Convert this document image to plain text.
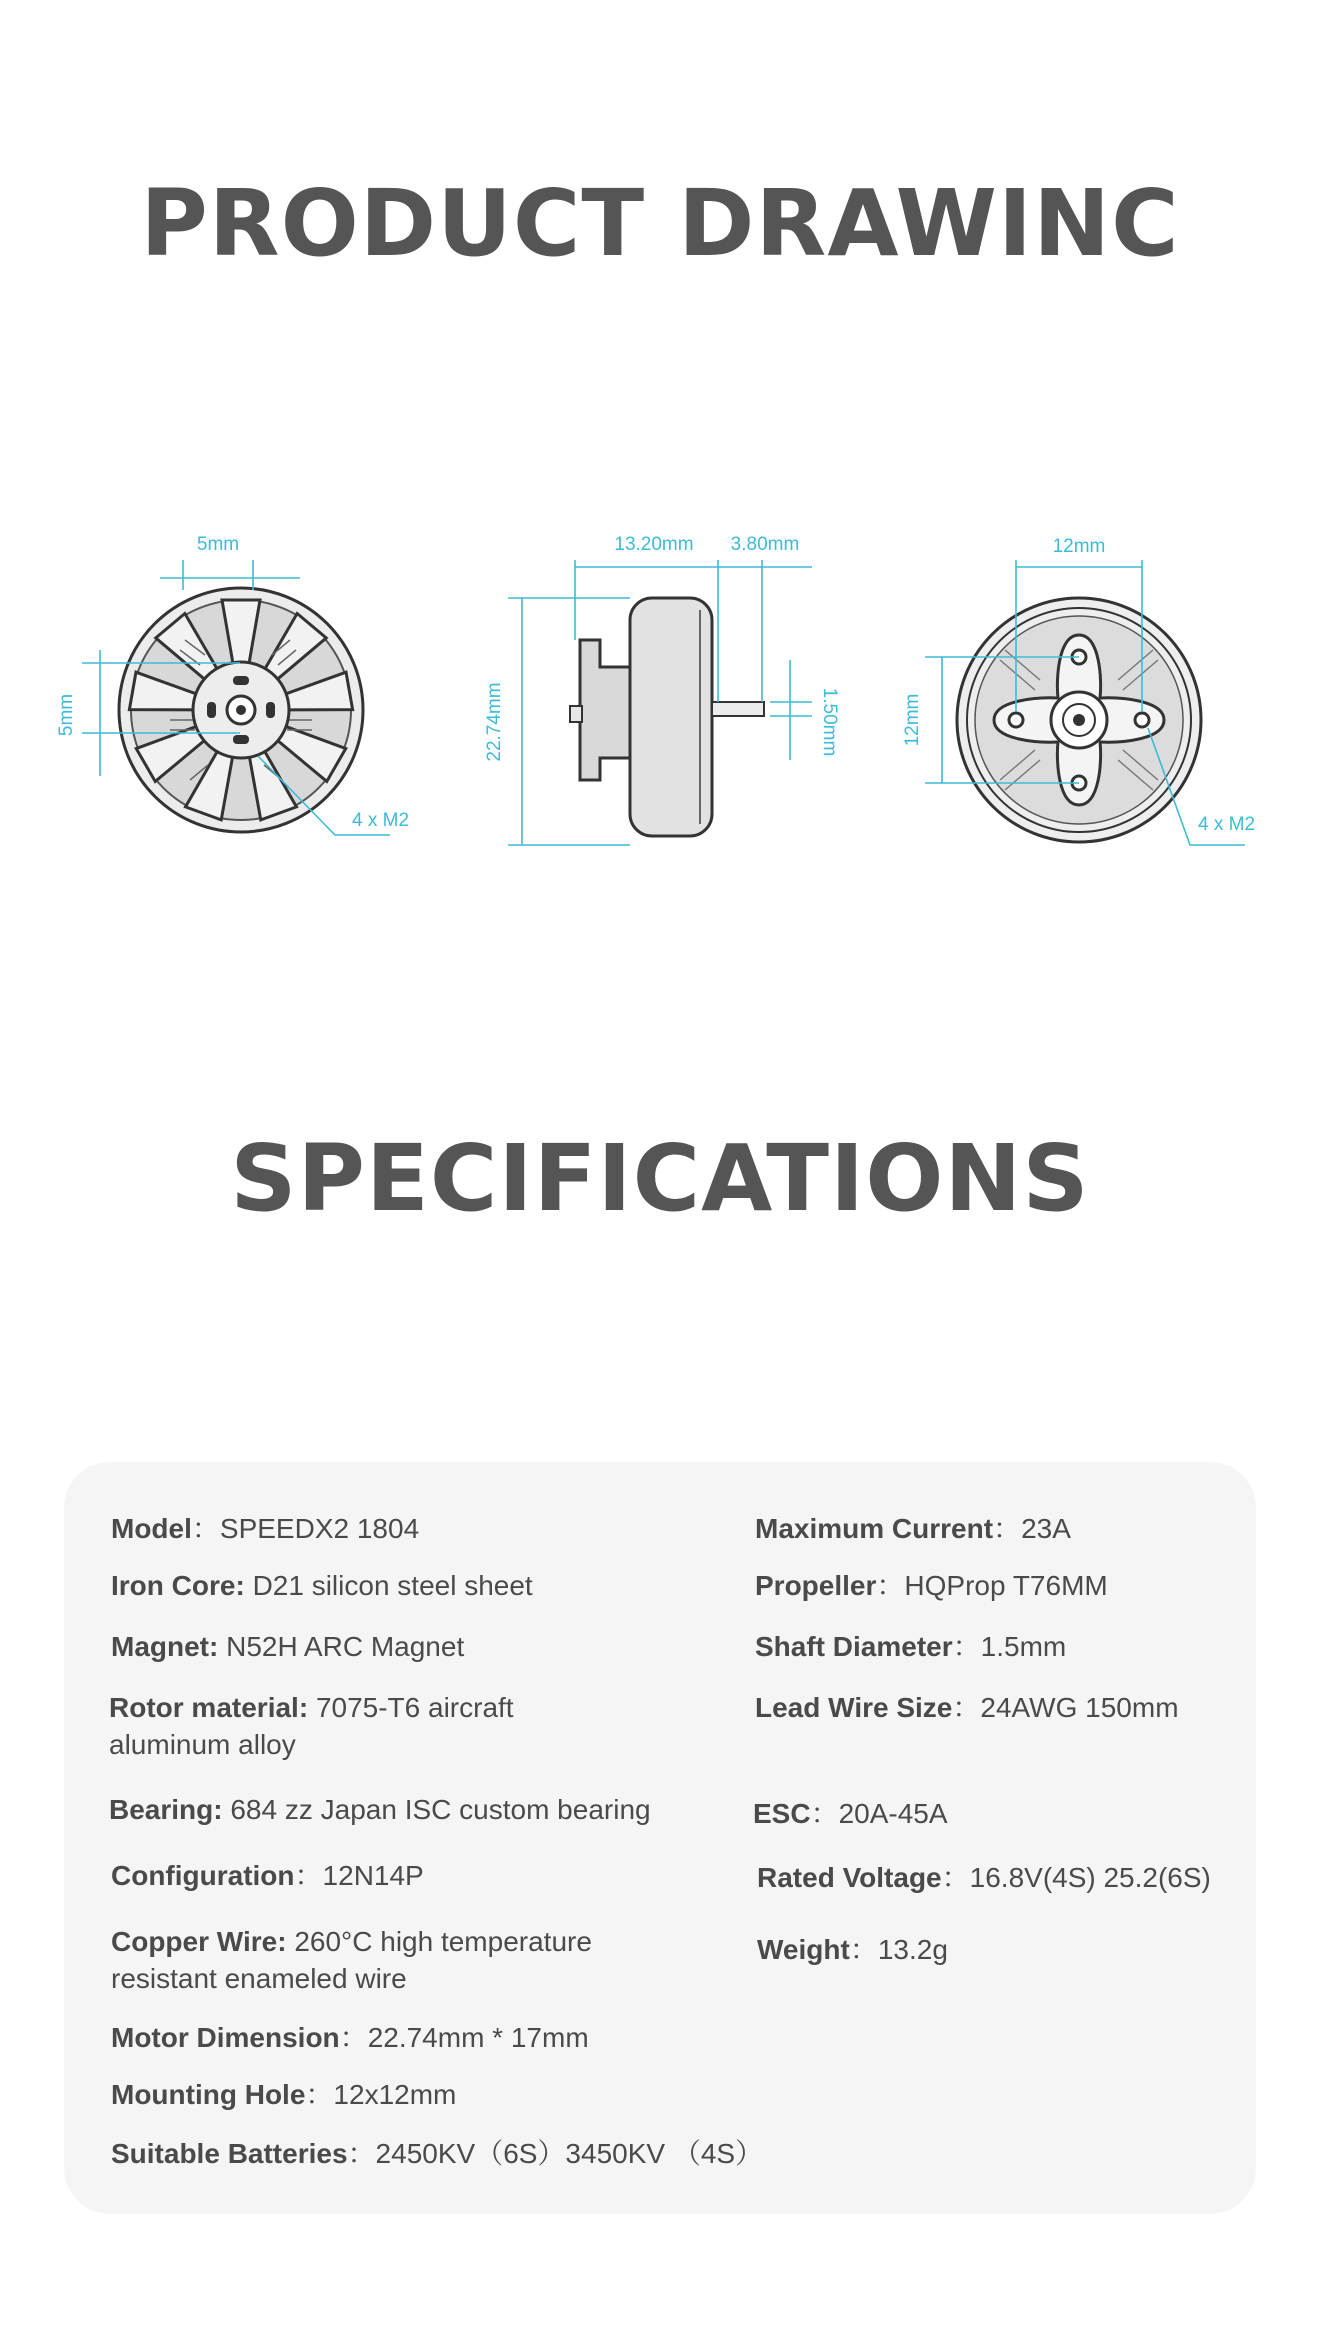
PRODUCT DRAWINC
5mm
5mm
4 x M2
13.20mm 3.80mm
22.74mm	1.50mm
12mm
12mm
4 x M2
SPECIFICATIONS
Model：SPEEDX2 1804
Iron Core: D21 silicon steel sheet
Magnet: N52H ARC Magnet
Rotor material: 7075-T6 aircraft
aluminum alloy
Bearing: 684 zz Japan ISC custom bearing
Configuration：12N14P
Copper Wire: 260°C high temperature
resistant enameled wire
Motor Dimension：22.74mm * 17mm
Mounting Hole：12x12mm
Suitable Batteries：2450KV（6S）3450KV （4S）
Maximum Current：23A
Propeller：HQProp T76MM
Shaft Diameter：1.5mm
Lead Wire Size：24AWG 150mm
ESC：20A-45A
Rated Voltage：16.8V(4S) 25.2(6S)
Weight：13.2g
